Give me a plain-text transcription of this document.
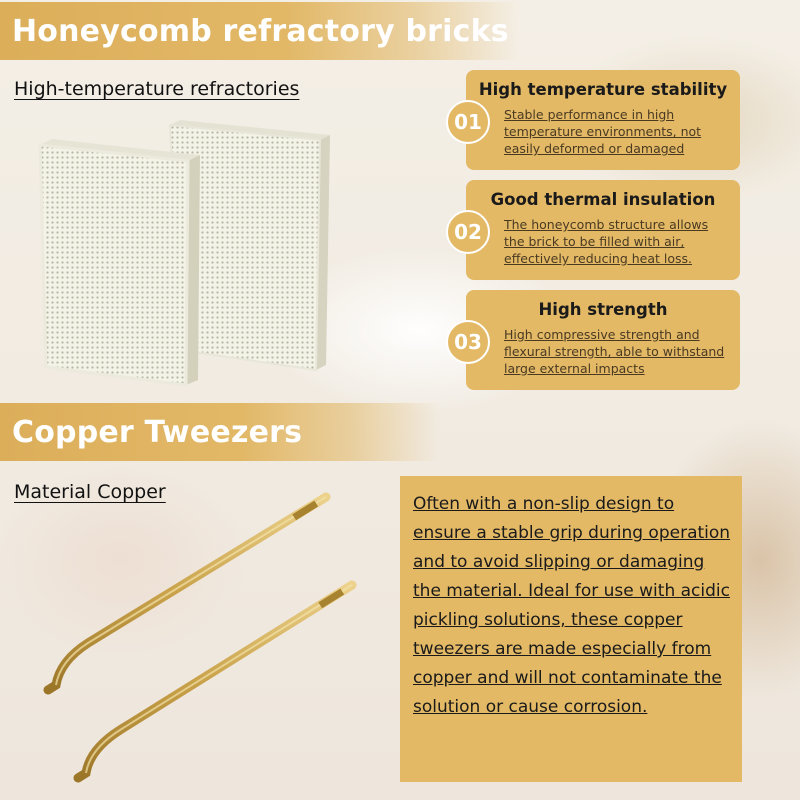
Honeycomb refractory bricks
High-temperature refractories	High temperature stability
01	Stable performance in high temperature environments, not easily deformed or damaged
Good thermal insulation
02	The honeycomb structure allows the brick to be filled with air, effectively reducing heat loss.
High strength
03	High compressive strength and flexural strength, able to withstand large external impacts
Copper Tweezers
Material Copper
Often with a non-slip design to ensure a stable grip during operation and to avoid slipping or damaging the material. Ideal for use with acidic pickling solutions, these copper tweezers are made especially from copper and will not contaminate the solution or cause corrosion.
